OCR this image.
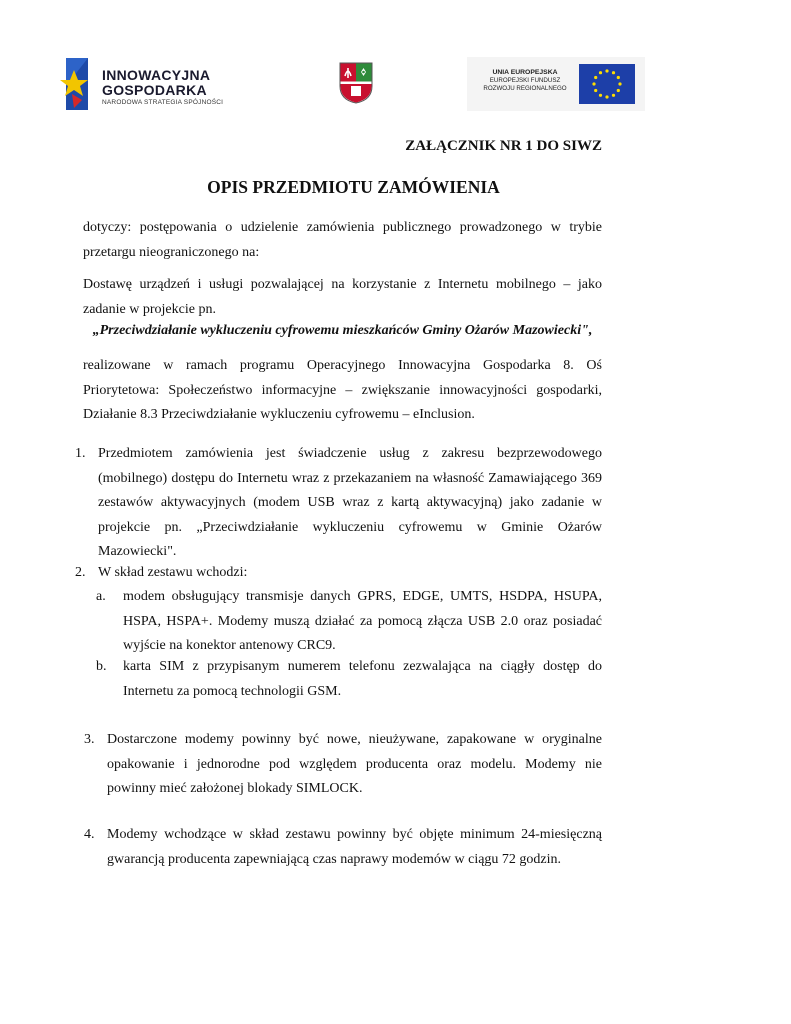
INNOWACYJNA
GOSPODARKA
NARODOWA STRATEGIA SPÓJNOŚCI
UNIA EUROPEJSKA
EUROPEJSKI FUNDUSZ
ROZWOJU REGIONALNEGO
ZAŁĄCZNIK NR 1 DO SIWZ
OPIS PRZEDMIOTU ZAMÓWIENIA
dotyczy: postępowania o udzielenie zamówienia publicznego prowadzonego w trybie przetargu nieograniczonego na:
Dostawę urządzeń i usługi pozwalającej na korzystanie z Internetu mobilnego – jako zadanie w projekcie pn.
„Przeciwdziałanie wykluczeniu cyfrowemu mieszkańców Gminy Ożarów Mazowiecki",
realizowane w ramach programu Operacyjnego Innowacyjna Gospodarka 8. Oś Priorytetowa: Społeczeństwo informacyjne – zwiększanie innowacyjności gospodarki, Działanie 8.3 Przeciwdziałanie wykluczeniu cyfrowemu – eInclusion.
1. Przedmiotem zamówienia jest świadczenie usług z zakresu bezprzewodowego (mobilnego) dostępu do Internetu wraz z przekazaniem na własność Zamawiającego 369 zestawów aktywacyjnych (modem USB wraz z kartą aktywacyjną) jako zadanie w projekcie pn. „Przeciwdziałanie wykluczeniu cyfrowemu w Gminie Ożarów Mazowiecki".
2. W skład zestawu wchodzi:
a. modem obsługujący transmisje danych GPRS, EDGE, UMTS, HSDPA, HSUPA, HSPA, HSPA+. Modemy muszą działać za pomocą złącza USB 2.0 oraz posiadać wyjście na konektor antenowy CRC9.
b. karta SIM z przypisanym numerem telefonu zezwalająca na ciągły dostęp do Internetu za pomocą technologii GSM.
3. Dostarczone modemy powinny być nowe, nieużywane, zapakowane w oryginalne opakowanie i jednorodne pod względem producenta oraz modelu. Modemy nie powinny mieć założonej blokady SIMLOCK.
4. Modemy wchodzące w skład zestawu powinny być objęte minimum 24-miesięczną gwarancją producenta zapewniającą czas naprawy modemów w ciągu 72 godzin.
